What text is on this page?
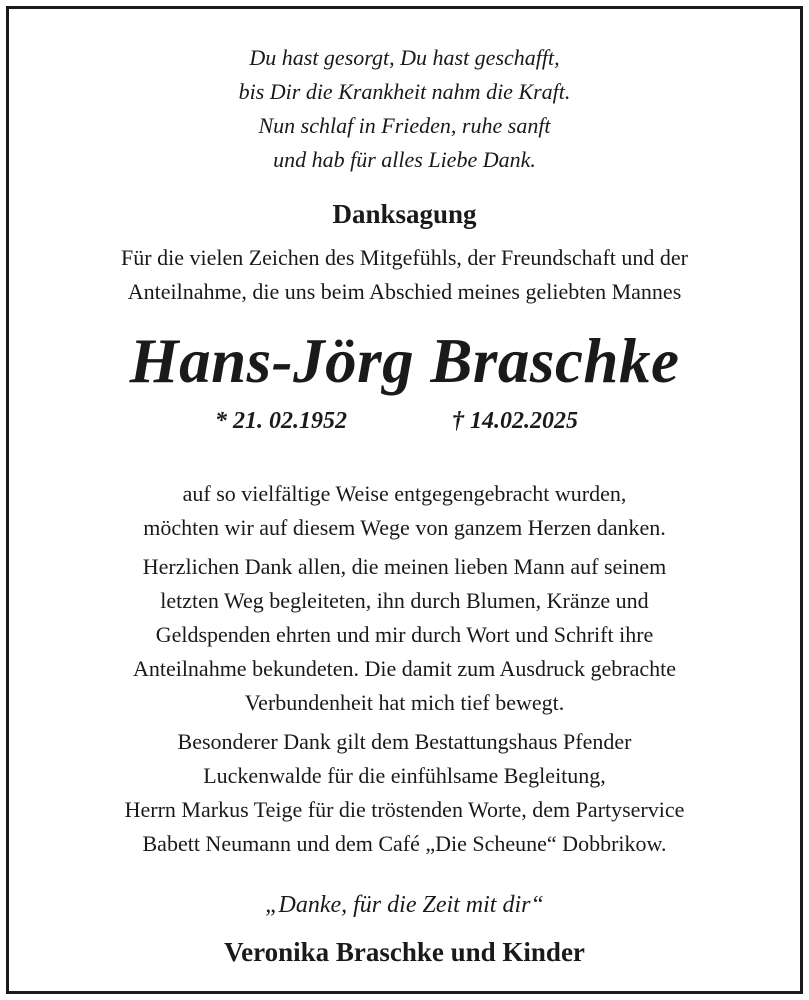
Du hast gesorgt, Du hast geschafft,
bis Dir die Krankheit nahm die Kraft.
Nun schlaf in Frieden, ruhe sanft
und hab für alles Liebe Dank.
Danksagung
Für die vielen Zeichen des Mitgefühls, der Freundschaft und der
Anteilnahme, die uns beim Abschied meines geliebten Mannes
Hans-Jörg Braschke
* 21. 02.1952	† 14.02.2025
auf so vielfältige Weise entgegengebracht wurden,
möchten wir auf diesem Wege von ganzem Herzen danken.
Herzlichen Dank allen, die meinen lieben Mann auf seinem
letzten Weg begleiteten, ihn durch Blumen, Kränze und
Geldspenden ehrten und mir durch Wort und Schrift ihre
Anteilnahme bekundeten. Die damit zum Ausdruck gebrachte
Verbundenheit hat mich tief bewegt.
Besonderer Dank gilt dem Bestattungshaus Pfender
Luckenwalde für die einfühlsame Begleitung,
Herrn Markus Teige für die tröstenden Worte, dem Partyservice
Babett Neumann und dem Café „Die Scheune“ Dobbrikow.
„Danke, für die Zeit mit dir“
Veronika Braschke und Kinder
